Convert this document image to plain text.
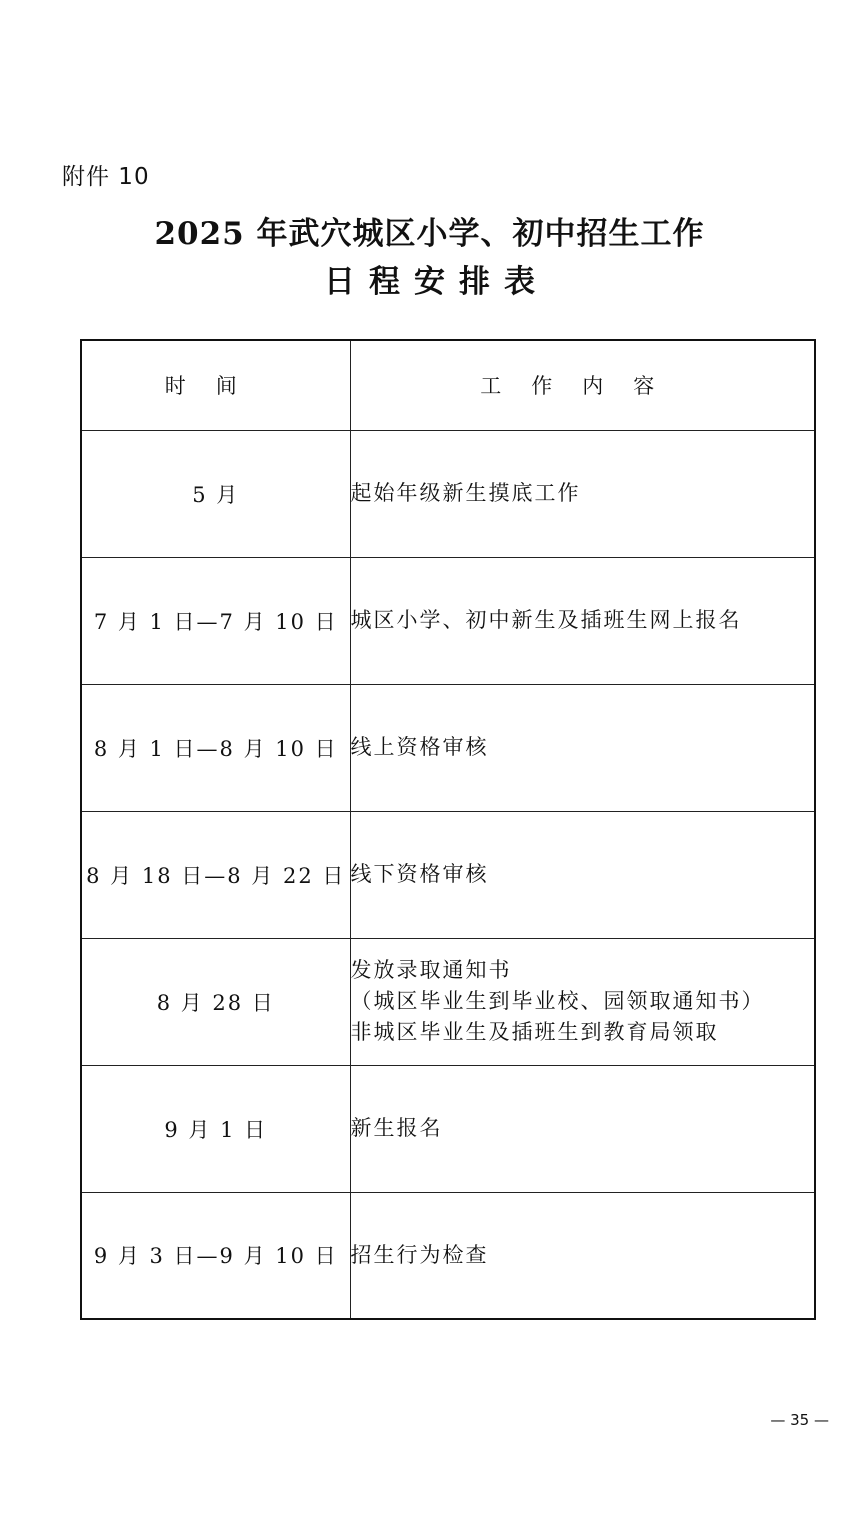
附件 10
2025 年武穴城区小学、初中招生工作
日程安排表
时间	工作内容
5 月	起始年级新生摸底工作

7 月 1 日—7 月 10 日	城区小学、初中新生及插班生网上报名

8 月 1 日—8 月 10 日	线上资格审核

8 月 18 日—8 月 22 日	线下资格审核

8 月 28 日	发放录取通知书
（城区毕业生到毕业校、园领取通知书）
非城区毕业生及插班生到教育局领取

9 月 1 日	新生报名

9 月 3 日—9 月 10 日	招生行为检查
— 35 —
